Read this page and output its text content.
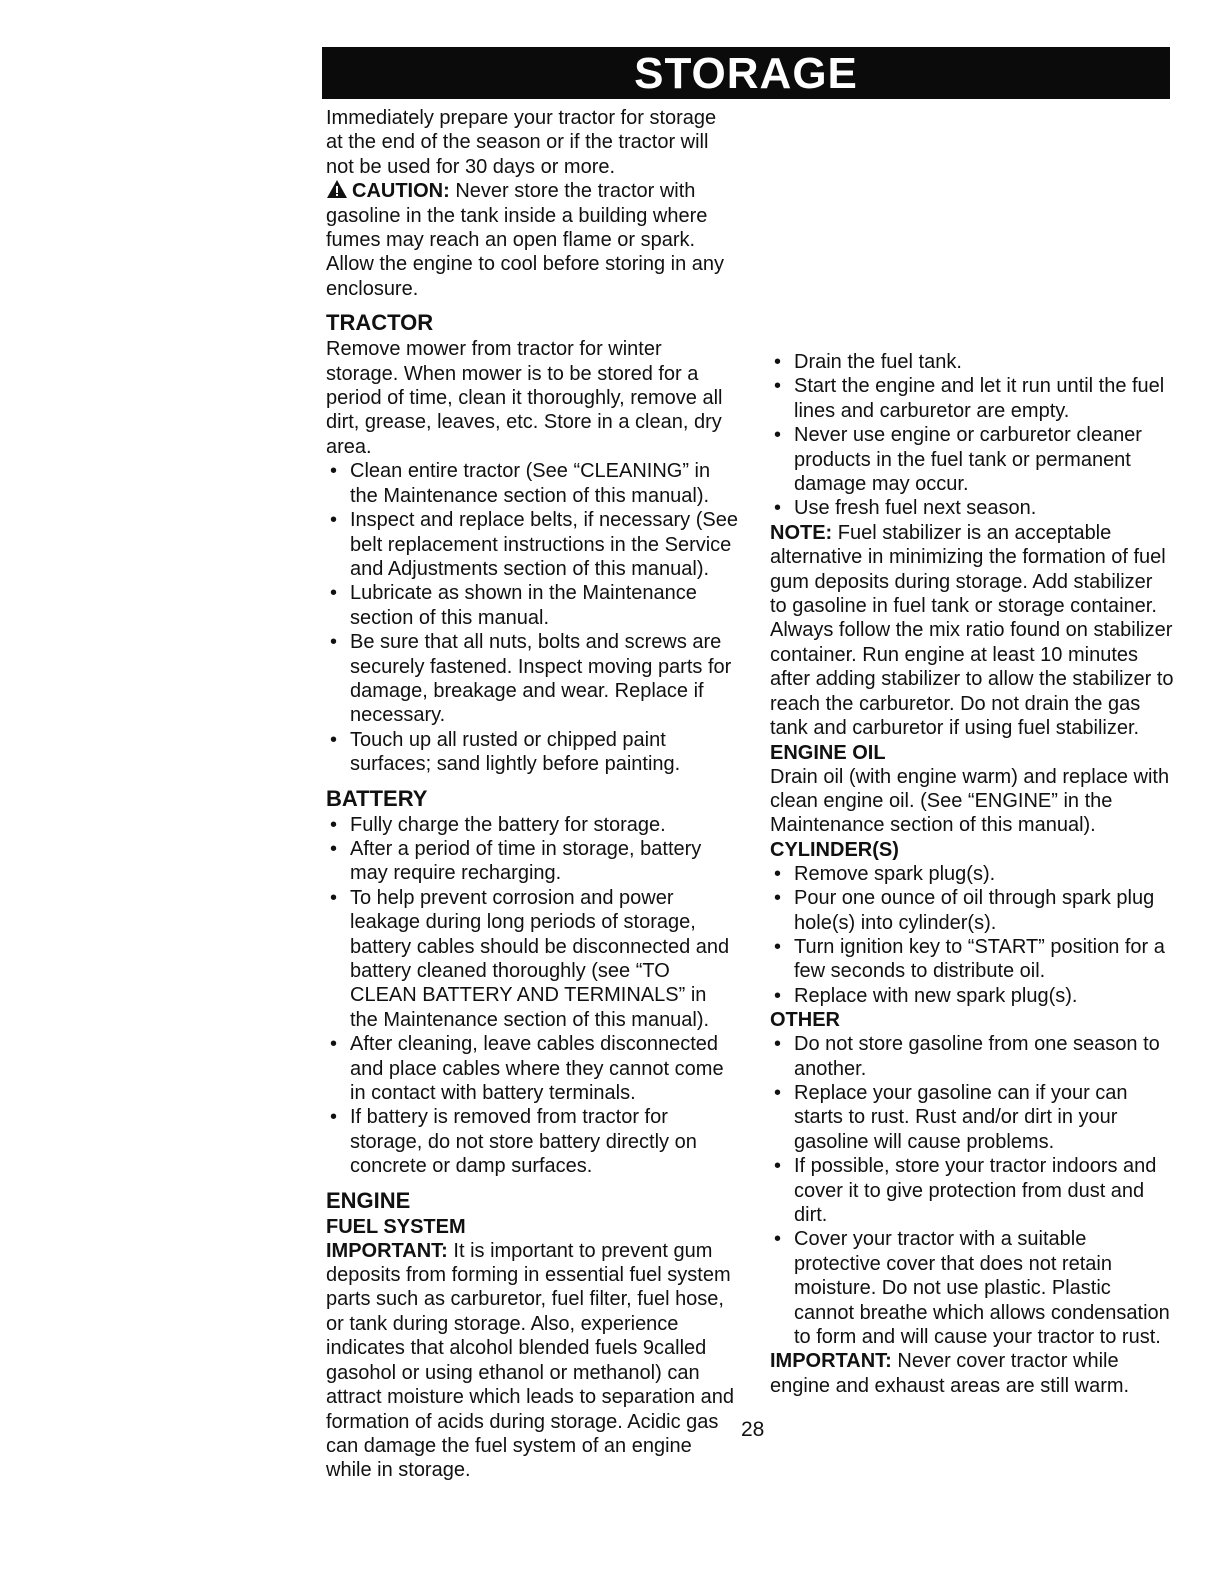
STORAGE

Immediately prepare your tractor for storage at the end of the season or if the tractor will not be used for 30 days or more.

CAUTION: Never store the tractor with gasoline in the tank inside a building where fumes may reach an open flame or spark. Allow the engine to cool before storing in any enclosure.

TRACTOR

Remove mower from tractor for winter storage. When mower is to be stored for a period of time, clean it thoroughly, remove all dirt, grease, leaves, etc. Store in a clean, dry area.

• Clean entire tractor (See “CLEANING” in the Maintenance section of this manual).
• Inspect and replace belts, if necessary (See belt replacement instructions in the Service and Adjustments section of this manual).
• Lubricate as shown in the Maintenance section of this manual.
• Be sure that all nuts, bolts and screws are securely fastened. Inspect moving parts for damage, breakage and wear. Replace if necessary.
• Touch up all rusted or chipped paint surfaces; sand lightly before painting.
BATTERY
• Fully charge the battery for storage.
• After a period of time in storage, battery may require recharging.
• To help prevent corrosion and power leakage during long periods of storage, battery cables should be disconnected and battery cleaned thoroughly (see “TO CLEAN BATTERY AND TERMINALS” in the Maintenance section of this manual).
• After cleaning, leave cables disconnected and place cables where they cannot come in contact with battery terminals.
• If battery is removed from tractor for storage, do not store battery directly on concrete or damp surfaces.
ENGINE
FUEL SYSTEM

IMPORTANT: It is important to prevent gum deposits from forming in essential fuel system parts such as carburetor, fuel filter, fuel hose, or tank during storage. Also, experience indicates that alcohol blended fuels 9called gasohol or using ethanol or methanol) can attract moisture which leads to separation and formation of acids during storage. Acidic gas can damage the fuel system of an engine while in storage.

• Drain the fuel tank.
• Start the engine and let it run until the fuel lines and carburetor are empty.
• Never use engine or carburetor cleaner products in the fuel tank or permanent damage may occur.
• Use fresh fuel next season.

NOTE: Fuel stabilizer is an acceptable alternative in minimizing the formation of fuel gum deposits during storage. Add stabilizer to gasoline in fuel tank or storage container. Always follow the mix ratio found on stabilizer container. Run engine at least 10 minutes after adding stabilizer to allow the stabilizer to reach the carburetor. Do not drain the gas tank and carburetor if using fuel stabilizer.

ENGINE OIL

Drain oil (with engine warm) and replace with clean engine oil. (See “ENGINE” in the Maintenance section of this manual).

CYLINDER(S)
• Remove spark plug(s).
• Pour one ounce of oil through spark plug hole(s) into cylinder(s).
• Turn ignition key to “START” position for a few seconds to distribute oil.
• Replace with new spark plug(s).
OTHER
• Do not store gasoline from one season to another.
• Replace your gasoline can if your can starts to rust. Rust and/or dirt in your gasoline will cause problems.
• If possible, store your tractor indoors and cover it to give protection from dust and dirt.
• Cover your tractor with a suitable protective cover that does not retain moisture. Do not use plastic. Plastic cannot breathe which allows condensation to form and will cause your tractor to rust.

IMPORTANT: Never cover tractor while engine and exhaust areas are still warm.

28
